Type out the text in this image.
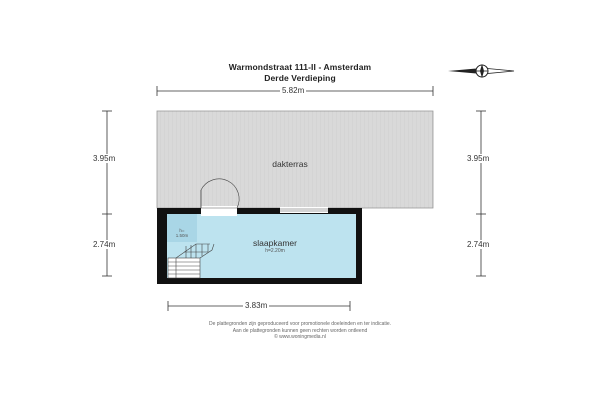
Warmondstraat 111-II - Amsterdam
Derde Verdieping
5.82m
3.83m
3.95m
2.74m
3.95m
2.74m
dakterras
slaapkamer
h=2.20m
h=
1.50m
De plattegronden zijn geproduceerd voor promotionele doeleinden en ter indicatie.
Aan de plattegronden kunnen geen rechten worden ontleend
© www.woningmedia.nl
